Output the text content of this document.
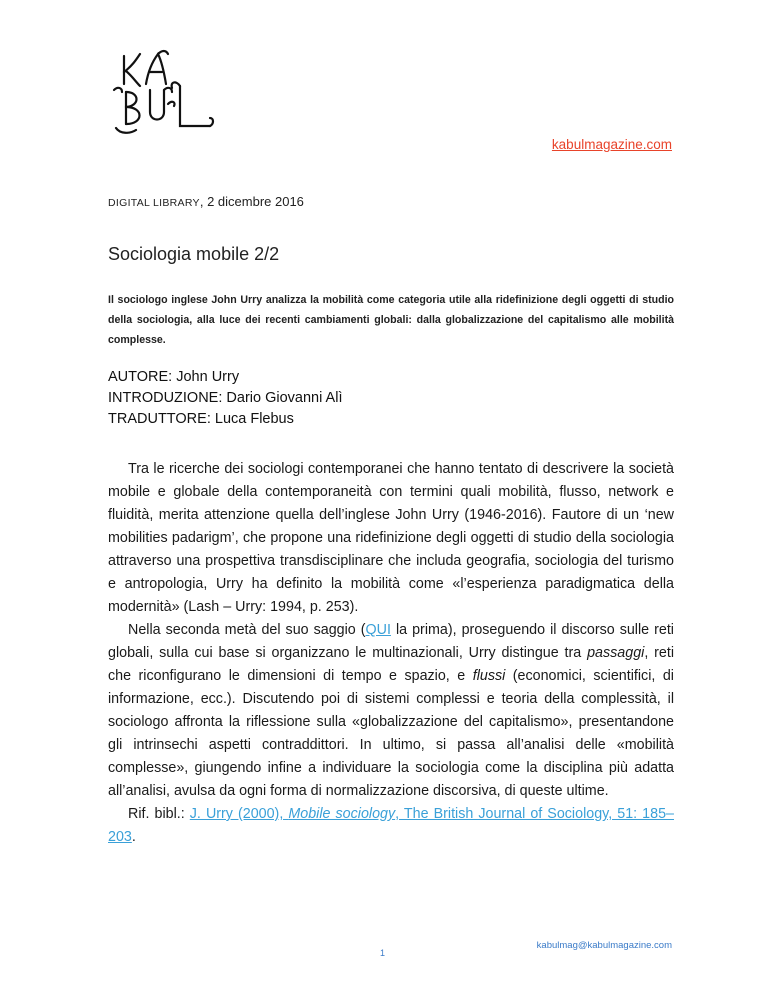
kabulmagazine.com
DIGITAL LIBRARY, 2 dicembre 2016
Sociologia mobile 2/2

Il sociologo inglese John Urry analizza la mobilità come categoria utile alla ridefinizione degli oggetti di studio della sociologia, alla luce dei recenti cambiamenti globali: dalla globalizzazione del capitalismo alle mobilità complesse.

AUTORE: John Urry
INTRODUZIONE: Dario Giovanni Alì
TRADUTTORE: Luca Flebus

Tra le ricerche dei sociologi contemporanei che hanno tentato di descrivere la società mobile e globale della contemporaneità con termini quali mobilità, flusso, network e fluidità, merita attenzione quella dell’inglese John Urry (1946-2016). Fautore di un ‘new mobilities padarigm’, che propone una ridefinizione degli oggetti di studio della sociologia attraverso una prospettiva transdisciplinare che includa geografia, sociologia del turismo e antropologia, Urry ha definito la mobilità come «l’esperienza paradigmatica della modernità» (Lash – Urry: 1994, p. 253).

Nella seconda metà del suo saggio (QUI la prima), proseguendo il discorso sulle reti globali, sulla cui base si organizzano le multinazionali, Urry distingue tra passaggi, reti che riconfigurano le dimensioni di tempo e spazio, e flussi (economici, scientifici, di informazione, ecc.). Discutendo poi di sistemi complessi e teoria della complessità, il sociologo affronta la riflessione sulla «globalizzazione del capitalismo», presentandone gli intrinsechi aspetti contraddittori. In ultimo, si passa all’analisi delle «mobilità complesse», giungendo infine a individuare la sociologia come la disciplina più adatta all’analisi, avulsa da ogni forma di normalizzazione discorsiva, di queste ultime.

Rif. bibl.: J. Urry (2000), Mobile sociology, The British Journal of Sociology, 51: 185–203.

1
kabulmag@kabulmagazine.com
